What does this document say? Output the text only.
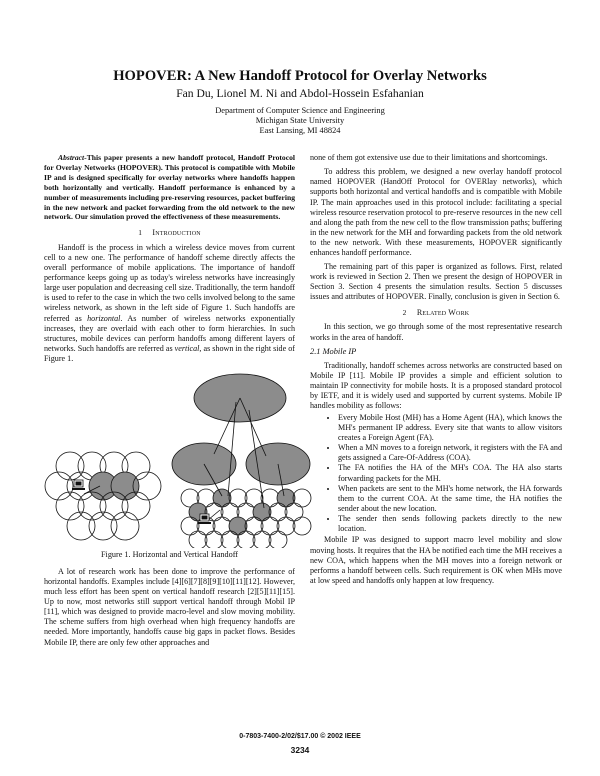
HOPOVER: A New Handoff Protocol for Overlay Networks
Fan Du, Lionel M. Ni and Abdol-Hossein Esfahanian
Department of Computer Science and Engineering
Michigan State University
East Lansing, MI 48824

Abstract-This paper presents a new handoff protocol, Handoff Protocol for Overlay Networks (HOPOVER). This protocol is compatible with Mobile IP and is designed specifically for overlay networks where handoffs happen both horizontally and vertically. Handoff performance is enhanced by a number of measurements including pre-reserving resources, packet buffering in the new network and packet forwarding from the old network to the new network. Our simulation proved the effectiveness of these measurements.

1 Introduction

Handoff is the process in which a wireless device moves from current cell to a new one. The performance of handoff scheme directly affects the overall performance of mobile applications. The importance of handoff performance keeps going up as today's wireless networks have increasingly large user population and decreasing cell size. Traditionally, the term handoff is used to refer to the case in which the two cells involved belong to the same wireless network, as shown in the left side of Figure 1. Such handoffs are referred as horizontal. As number of wireless networks exponentially increases, they are overlaid with each other to form hierarchies. In such structures, mobile devices can perform handoffs among different layers of networks. Such handoffs are referred as vertical, as shown in the right side of Figure 1.

Figure 1. Horizontal and Vertical Handoff

A lot of research work has been done to improve the performance of horizontal handoffs. Examples include [4][6][7][8][9][10][11][12]. However, much less effort has been spent on vertical handoff research [2][5][11][15]. Up to now, most networks still support vertical handoff through Mobil IP [11], which was designed to provide macro-level and slow moving mobility. The scheme suffers from high overhead when high frequency handoffs are needed. More importantly, handoffs cause big gaps in packet flows. Besides Mobile IP, there are only few other approaches and

none of them got extensive use due to their limitations and shortcomings.

To address this problem, we designed a new overlay handoff protocol named HOPOVER (HandOff Protocol for OVERlay networks), which supports both horizontal and vertical handoffs and is compatible with Mobile IP. The main approaches used in this protocol include: facilitating a special wireless resource reservation protocol to pre-reserve resources in the new cell and along the path from the new cell to the flow transmission paths; buffering in the new network for the MH and forwarding packets from the old network to the new network. With these measurements, HOPOVER significantly enhances handoff performance.

The remaining part of this paper is organized as follows. First, related work is reviewed in Section 2. Then we present the design of HOPOVER in Section 3. Section 4 presents the simulation results. Section 5 discusses issues and attributes of HOPOVER. Finally, conclusion is given in Section 6.

2 Related Work

In this section, we go through some of the most representative research works in the area of handoff.

2.1 Mobile IP

Traditionally, handoff schemes across networks are constructed based on Mobile IP [11]. Mobile IP provides a simple and efficient solution to maintain IP connectivity for mobile hosts. It is a proposed standard protocol by IETF, and it is widely used and supported by current systems. Mobile IP handles mobility as follows:

• Every Mobile Host (MH) has a Home Agent (HA), which knows the MH's permanent IP address. Every site that wants to allow visitors creates a Foreign Agent (FA).
• When a MN moves to a foreign network, it registers with the FA and gets assigned a Care-Of-Address (COA).
• The FA notifies the HA of the MH's COA. The HA also starts forwarding packets for the MH.
• When packets are sent to the MH's home network, the HA forwards them to the current COA. At the same time, the HA notifies the sender about the new location.
• The sender then sends following packets directly to the new location.

Mobile IP was designed to support macro level mobility and slow moving hosts. It requires that the HA be notified each time the MH receives a new COA, which happens when the MH moves into a foreign network or performs a handoff between cells. Such requirement is OK when MHs move at low speed and handoffs only happen at low frequency.

0-7803-7400-2/02/$17.00 © 2002 IEEE
3234
